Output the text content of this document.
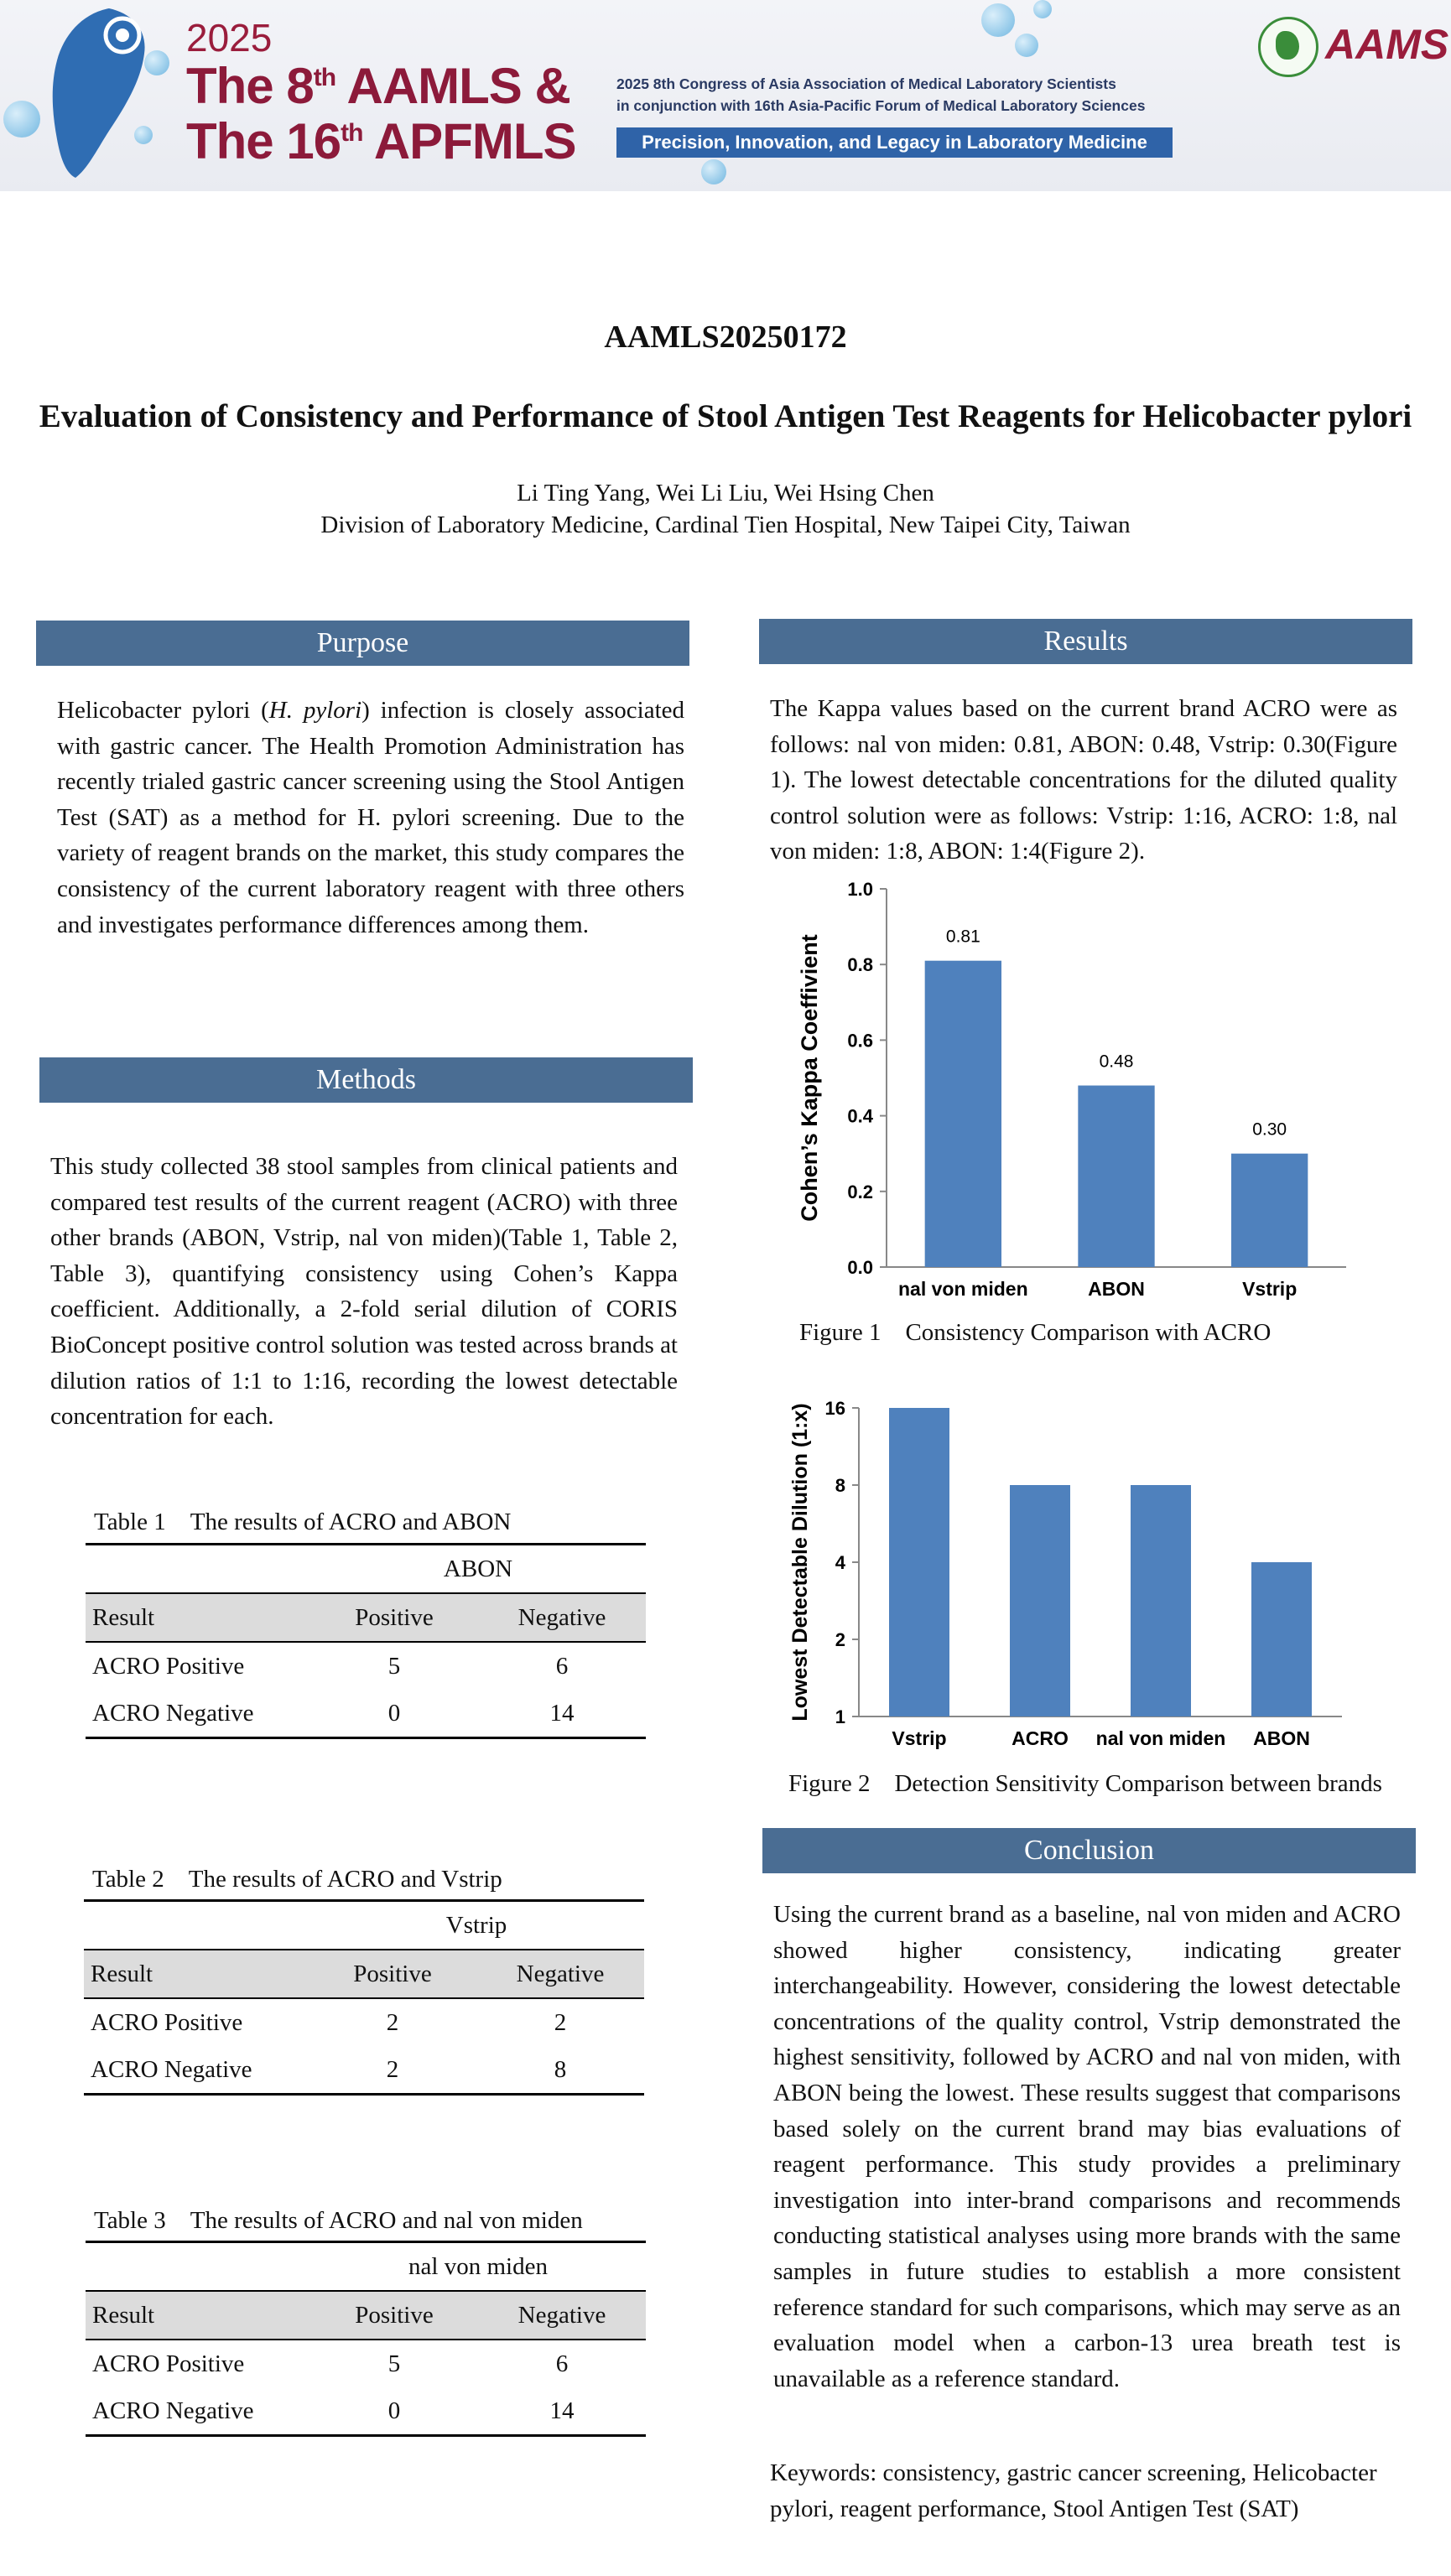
2025
The 8th AAMLS &
The 16th APFMLS
2025 8th Congress of Asia Association of Medical Laboratory Scientists
in conjunction with 16th Asia-Pacific Forum of Medical Laboratory Sciences
Precision, Innovation, and Legacy in Laboratory Medicine
AAMS
AAMLS20250172
Evaluation of Consistency and Performance of Stool Antigen Test Reagents for Helicobacter pylori
Li Ting Yang, Wei Li Liu, Wei Hsing Chen
Division of Laboratory Medicine, Cardinal Tien Hospital, New Taipei City, Taiwan
Purpose
Helicobacter pylori (H. pylori) infection is closely associated with gastric cancer. The Health Promotion Administration has recently trialed gastric cancer screening using the Stool Antigen Test (SAT) as a method for H. pylori screening. Due to the variety of reagent brands on the market, this study compares the consistency of the current laboratory reagent with three others and investigates performance differences among them.
Methods
This study collected 38 stool samples from clinical patients and compared test results of the current reagent (ACRO) with three other brands (ABON, Vstrip, nal von miden)(Table 1, Table 2, Table 3), quantifying consistency using Cohen’s Kappa coefficient. Additionally, a 2-fold serial dilution of CORIS BioConcept positive control solution was tested across brands at dilution ratios of 1:1 to 1:16, recording the lowest detectable concentration for each.
Table 1　The results of ACRO and ABON
	ABON	
Result	Positive	Negative
ACRO Positive	5	6
ACRO Negative	0	14
Table 2　The results of ACRO and Vstrip
	Vstrip	
Result	Positive	Negative
ACRO Positive	2	2
ACRO Negative	2	8
Table 3　The results of ACRO and nal von miden
	nal von miden	
Result	Positive	Negative
ACRO Positive	5	6
ACRO Negative	0	14
Results
The Kappa values based on the current brand ACRO were as follows: nal von miden: 0.81, ABON: 0.48, Vstrip: 0.30(Figure 1). The lowest detectable concentrations for the diluted quality control solution were as follows: Vstrip: 1:16, ACRO: 1:8, nal von miden: 1:8, ABON: 1:4(Figure 2).
0.0
0.2
0.4
0.6
0.8
1.0
nal von miden
0.81
ABON
0.48
Vstrip
0.30
Cohen’s Kappa Coeffivient
Figure 1　Consistency Comparison with ACRO
1
2
4
8
16
Vstrip	ACRO nal von miden ABON
Lowest Detectable Dilution (1:x)
Figure 2　Detection Sensitivity Comparison between brands
Conclusion
Using the current brand as a baseline, nal von miden and ACRO showed higher consistency, indicating greater interchangeability. However, considering the lowest detectable concentrations of the quality control, Vstrip demonstrated the highest sensitivity, followed by ACRO and nal von miden, with ABON being the lowest. These results suggest that comparisons based solely on the current brand may bias evaluations of reagent performance. This study provides a preliminary investigation into inter-brand comparisons and recommends conducting statistical analyses using more brands with the same samples in future studies to establish a more consistent reference standard for such comparisons, which may serve as an evaluation model when a carbon-13 urea breath test is unavailable as a reference standard.
Keywords: consistency, gastric cancer screening, Helicobacter pylori, reagent performance, Stool Antigen Test (SAT)
